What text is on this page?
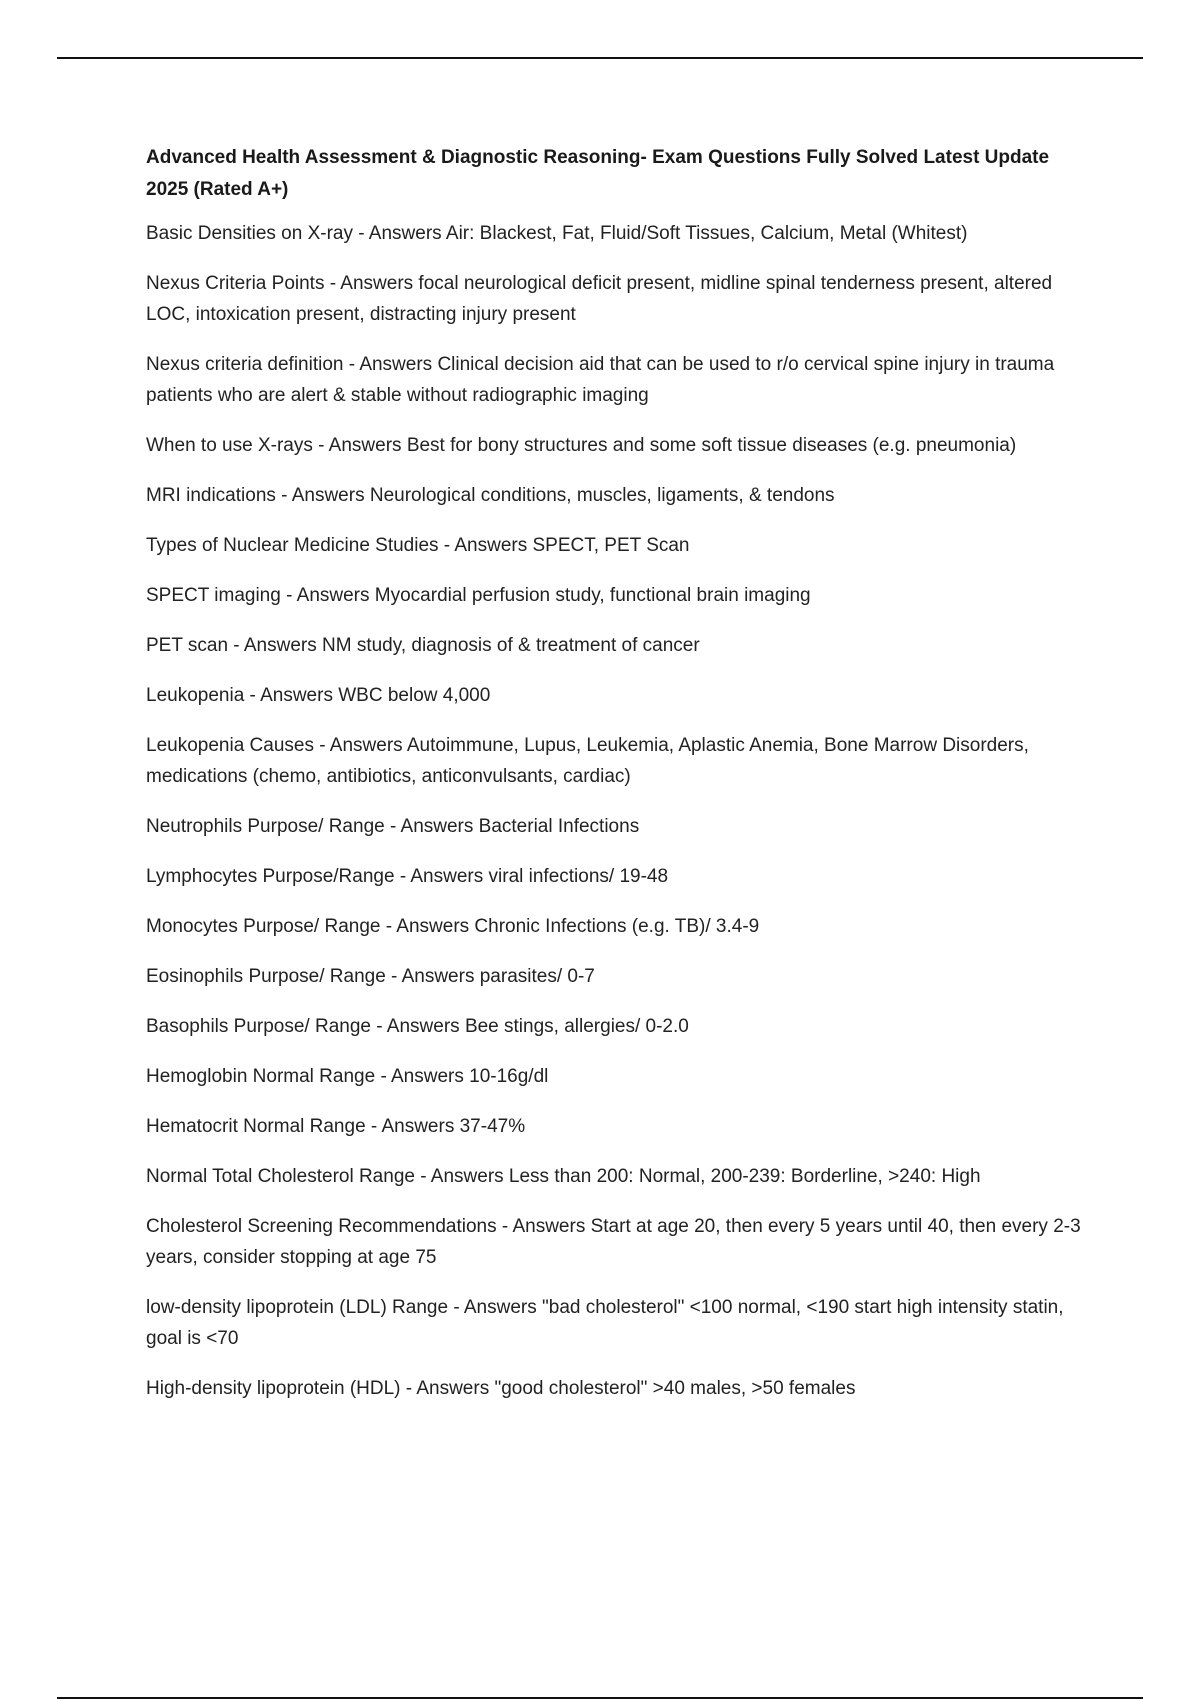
Advanced Health Assessment & Diagnostic Reasoning- Exam Questions Fully Solved Latest Update 2025 (Rated A+)
Basic Densities on X-ray - Answers Air: Blackest, Fat, Fluid/Soft Tissues, Calcium, Metal (Whitest)
Nexus Criteria Points - Answers focal neurological deficit present, midline spinal tenderness present, altered LOC, intoxication present, distracting injury present
Nexus criteria definition - Answers Clinical decision aid that can be used to r/o cervical spine injury in trauma patients who are alert & stable without radiographic imaging
When to use X-rays - Answers Best for bony structures and some soft tissue diseases (e.g. pneumonia)
MRI indications - Answers Neurological conditions, muscles, ligaments, & tendons
Types of Nuclear Medicine Studies - Answers SPECT, PET Scan
SPECT imaging - Answers Myocardial perfusion study, functional brain imaging
PET scan - Answers NM study, diagnosis of & treatment of cancer
Leukopenia - Answers WBC below 4,000
Leukopenia Causes - Answers Autoimmune, Lupus, Leukemia, Aplastic Anemia, Bone Marrow Disorders, medications (chemo, antibiotics, anticonvulsants, cardiac)
Neutrophils Purpose/ Range - Answers Bacterial Infections
Lymphocytes Purpose/Range - Answers viral infections/ 19-48
Monocytes Purpose/ Range - Answers Chronic Infections (e.g. TB)/ 3.4-9
Eosinophils Purpose/ Range - Answers parasites/ 0-7
Basophils Purpose/ Range - Answers Bee stings, allergies/ 0-2.0
Hemoglobin Normal Range - Answers 10-16g/dl
Hematocrit Normal Range - Answers 37-47%
Normal Total Cholesterol Range - Answers Less than 200: Normal, 200-239: Borderline, >240: High
Cholesterol Screening Recommendations - Answers Start at age 20, then every 5 years until 40, then every 2-3 years, consider stopping at age 75
low-density lipoprotein (LDL) Range - Answers "bad cholesterol" <100 normal, <190 start high intensity statin, goal is <70
High-density lipoprotein (HDL) - Answers "good cholesterol" >40 males, >50 females
